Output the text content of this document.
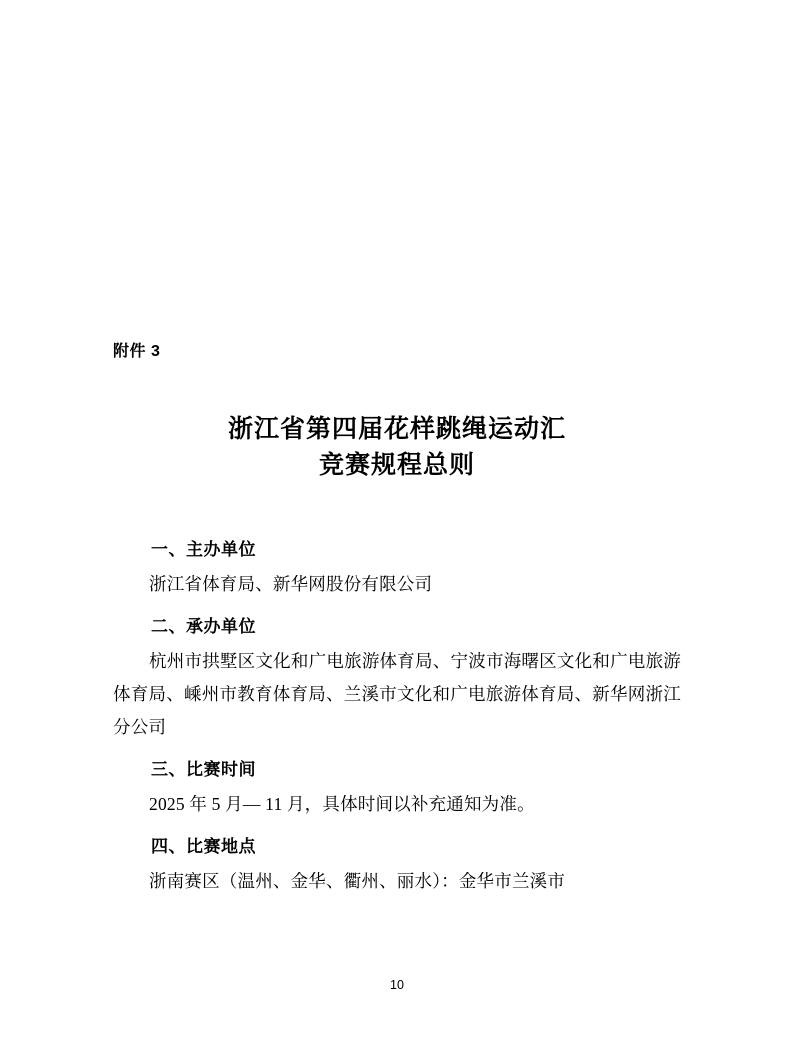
附件 3
浙江省第四届花样跳绳运动汇
竞赛规程总则
一、主办单位

浙江省体育局、新华网股份有限公司

二、承办单位

杭州市拱墅区文化和广电旅游体育局、宁波市海曙区文化和广电旅游体育局、嵊州市教育体育局、兰溪市文化和广电旅游体育局、新华网浙江分公司

三、比赛时间

2025 年 5 月— 11 月，具体时间以补充通知为准。

四、比赛地点

浙南赛区（温州、金华、衢州、丽水）：金华市兰溪市

10
